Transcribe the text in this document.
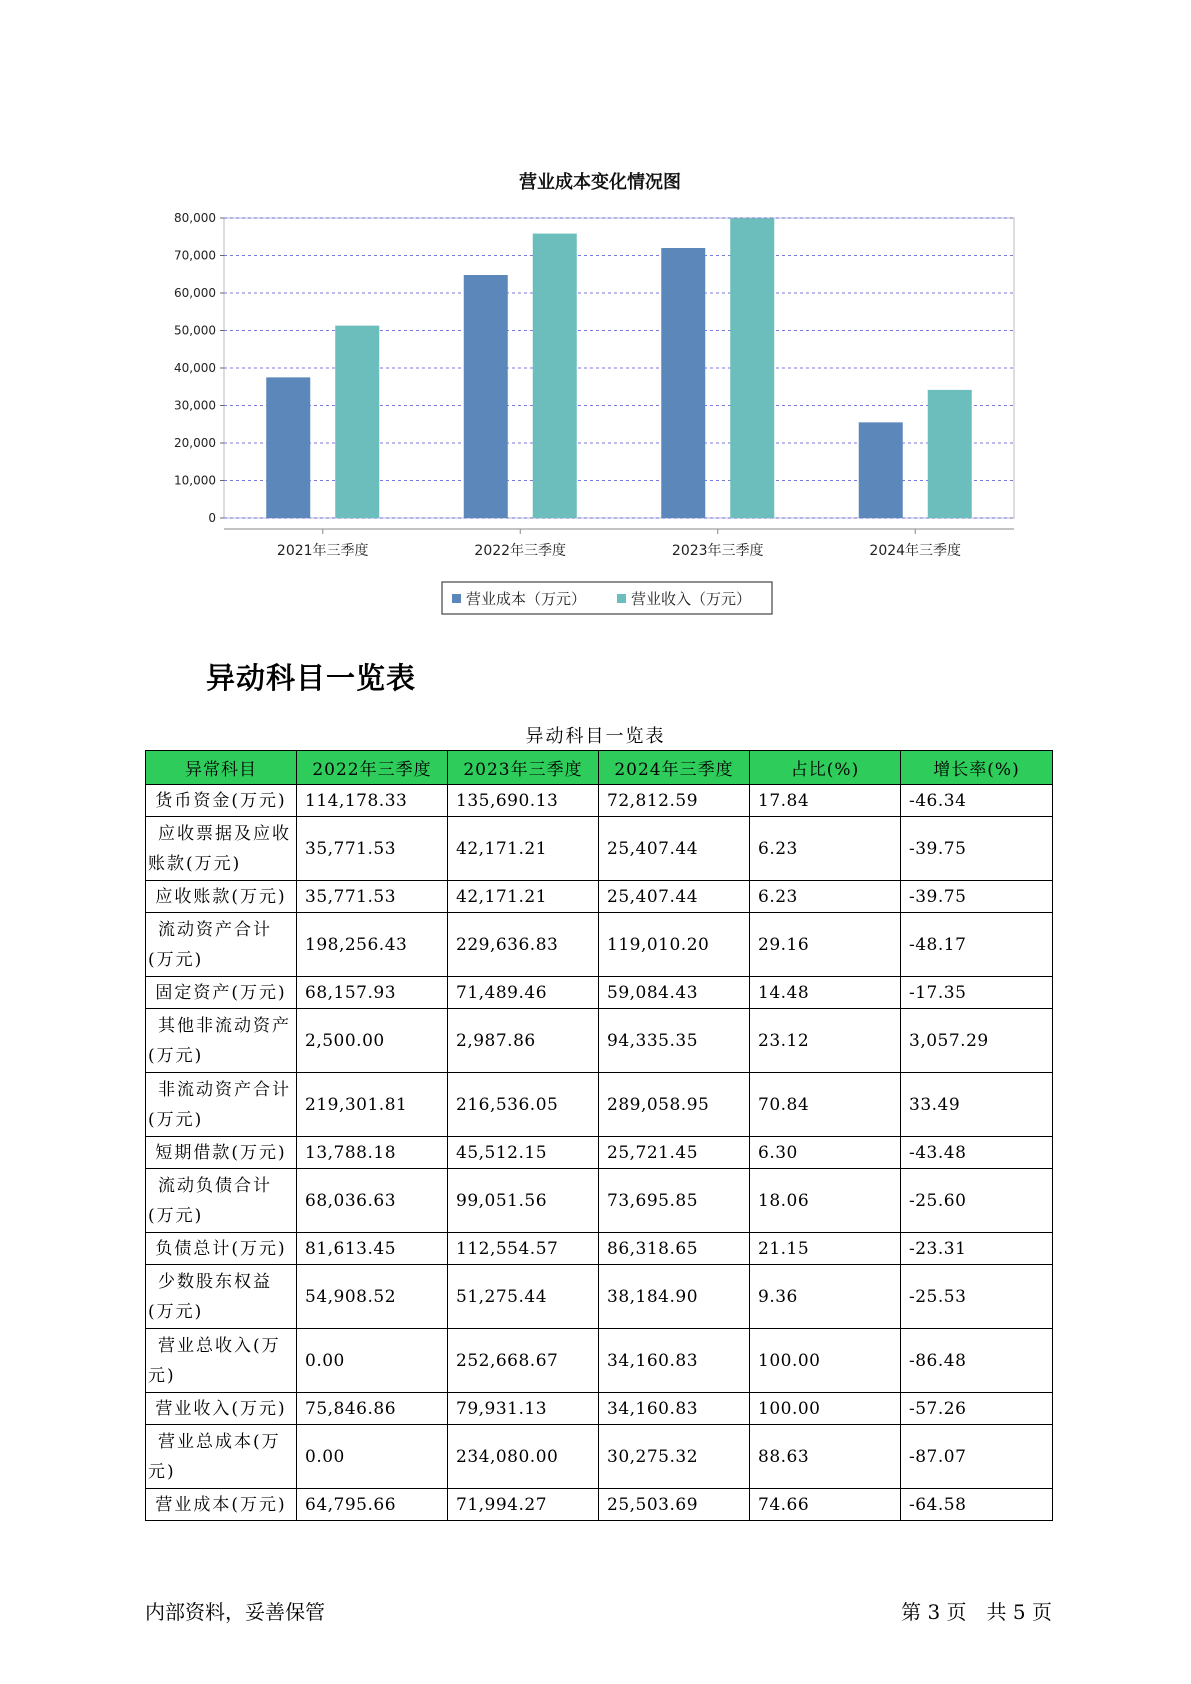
营业成本变化情况图
0
10,000
20,000
30,000
40,000
50,000
60,000
70,000
80,000
2021年三季度	2022年三季度	2023年三季度	2024年三季度
营业成本（万元）	营业收入（万元）
异动科目一览表
异动科目一览表
异常科目	2022年三季度	2023年三季度	2024年三季度	占比(%)	增长率(%)
货币资金(万元)	114,178.33	135,690.13	72,812.59	17.84	-46.34
应收票据及应收账款(万元)	35,771.53	42,171.21	25,407.44	6.23	-39.75
应收账款(万元)	35,771.53	42,171.21	25,407.44	6.23	-39.75
流动资产合计(万元)	198,256.43	229,636.83	119,010.20	29.16	-48.17
固定资产(万元)	68,157.93	71,489.46	59,084.43	14.48	-17.35
其他非流动资产(万元)	2,500.00	2,987.86	94,335.35	23.12	3,057.29
非流动资产合计(万元)	219,301.81	216,536.05	289,058.95	70.84	33.49
短期借款(万元)	13,788.18	45,512.15	25,721.45	6.30	-43.48
流动负债合计(万元)	68,036.63	99,051.56	73,695.85	18.06	-25.60
负债总计(万元)	81,613.45	112,554.57	86,318.65	21.15	-23.31
少数股东权益(万元)	54,908.52	51,275.44	38,184.90	9.36	-25.53
营业总收入(万元)	0.00	252,668.67	34,160.83	100.00	-86.48
营业收入(万元)	75,846.86	79,931.13	34,160.83	100.00	-57.26
营业总成本(万元)	0.00	234,080.00	30,275.32	88.63	-87.07
营业成本(万元)	64,795.66	71,994.27	25,503.69	74.66	-64.58
内部资料，妥善保管	第 3 页　共 5 页
